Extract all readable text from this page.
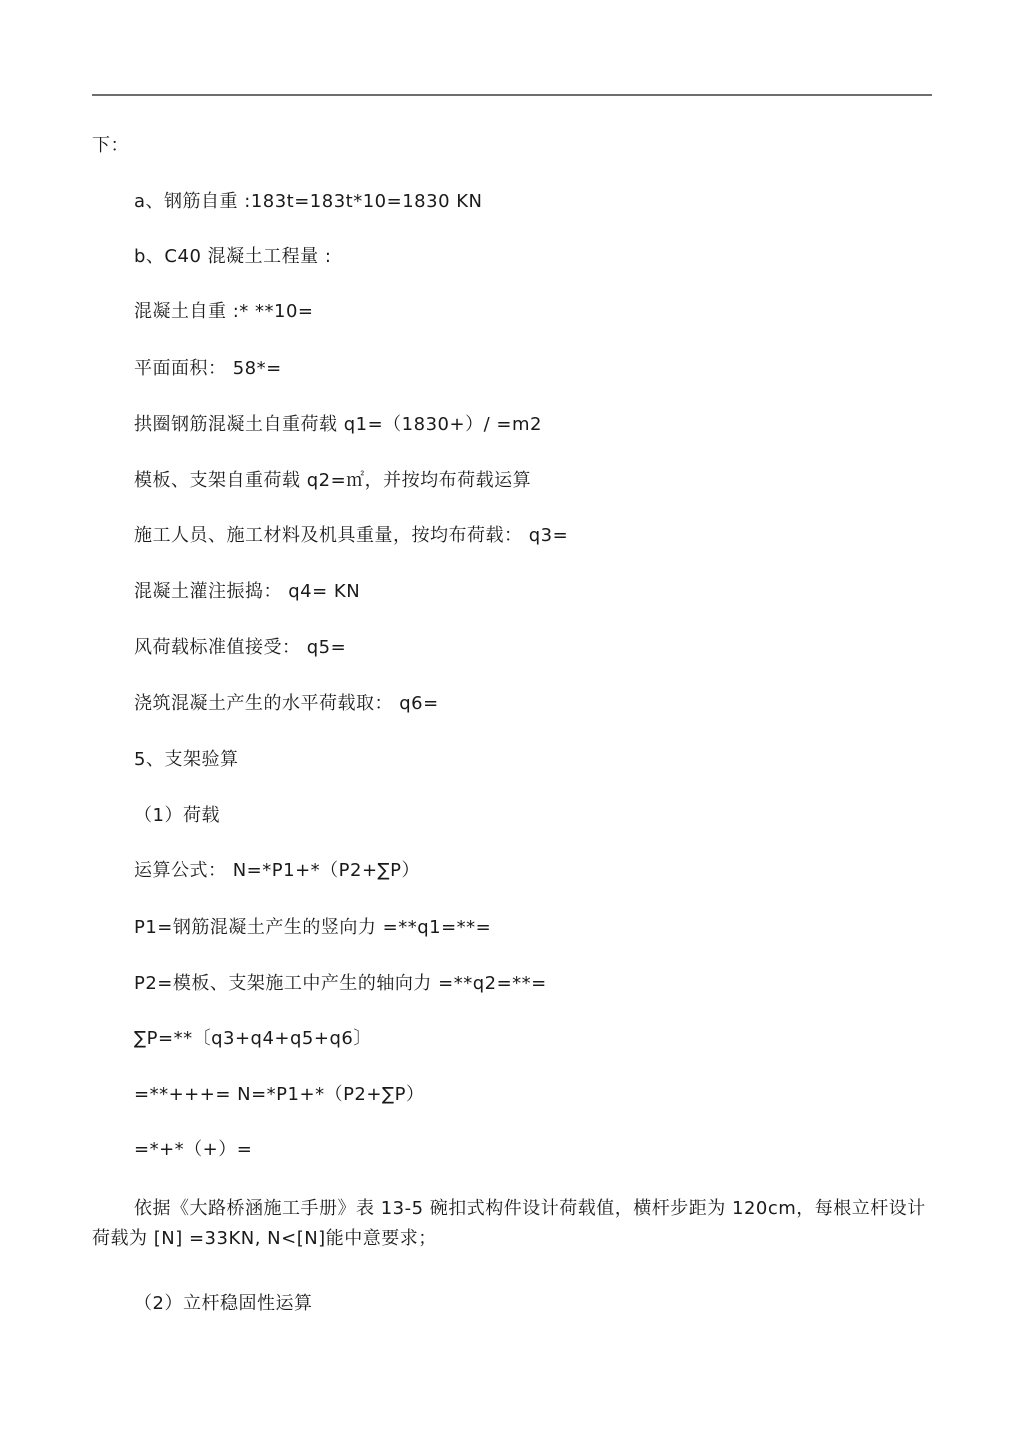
下：
a、钢筋自重 :183t=183t*10=1830 KN
b、C40 混凝土工程量 :
混凝土自重 :* **10=
平面面积： 58*=
拱圈钢筋混凝土自重荷载 q1=（1830+）/ =m2
模板、支架自重荷载 q2=㎡，并按均布荷载运算
施工人员、施工材料及机具重量，按均布荷载： q3=
混凝土灌注振捣： q4= KN
风荷载标准值接受： q5=
浇筑混凝土产生的水平荷载取： q6=
5、支架验算
（1）荷载
运算公式： N=*P1+*（P2+∑P）
P1=钢筋混凝土产生的竖向力 =**q1=**=
P2=模板、支架施工中产生的轴向力 =**q2=**=
∑P=**〔q3+q4+q5+q6〕
=**+++= N=*P1+*（P2+∑P）
=*+*（+）=
依据《大路桥涵施工手册》表 13-5 碗扣式构件设计荷载值，横杆步距为 120cm，每根立杆设计荷载为 [N] =33KN, N<[N]能中意要求；
（2）立杆稳固性运算
